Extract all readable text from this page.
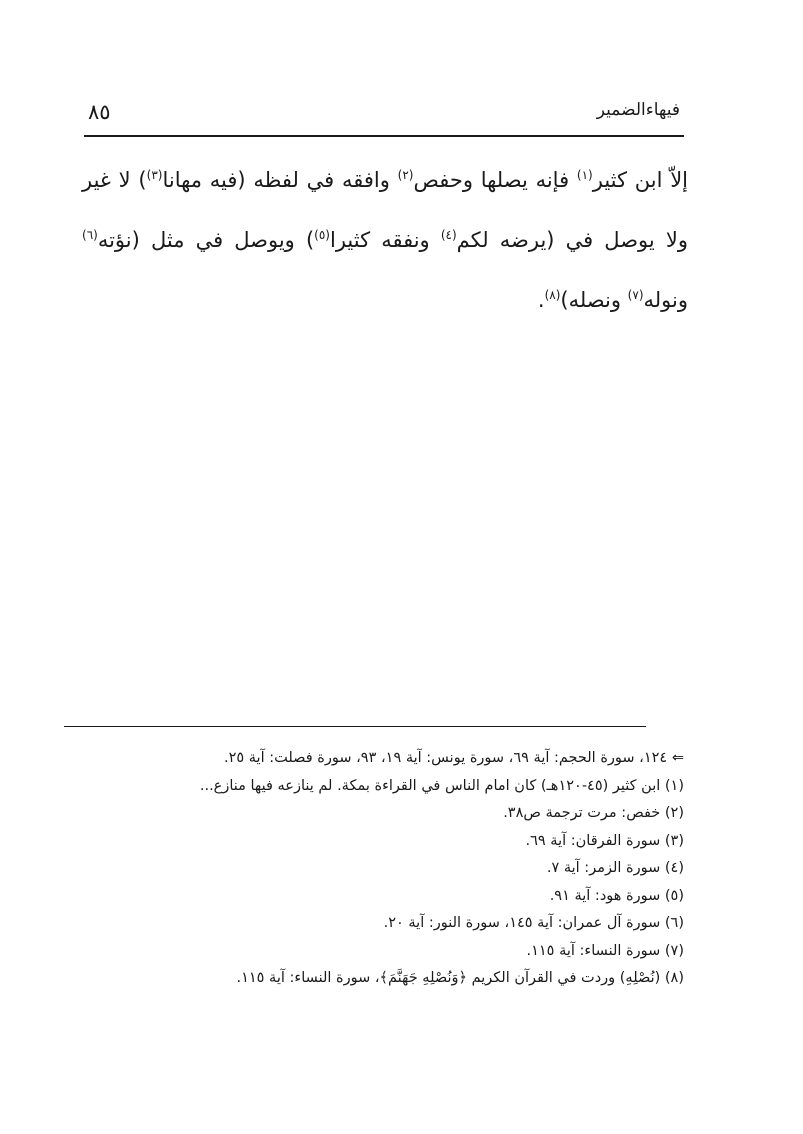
٨٥	فيهاءالضمير

إلاّ ابن كثير$^{(١)}$ فإنه يصلها وحفص$^{(٢)}$ وافقه في لفظه (فيه مهانا$^{(٣)}$) لا غير ولا يوصل في (يرضه لكم$^{(٤)}$ ونفقه كثيرا$^{(٥)}$) ويوصل في مثل (نؤته$^{(٦)}$ ونوله$^{(٧)}$ ونصله)$^{(٨)}$.

⇐ ١٢٤، سورة الحجم: آية ٦٩، سورة يونس: آية ١٩، ٩٣، سورة فصلت: آية ٢٥.
(١) ابن كثير (٤٥-١٢٠هـ) كان امام الناس في القراءة بمكة. لم ينازعه فيها منازع...
(٢) خفص: مرت ترجمة ص٣٨.
(٣) سورة الفرقان: آية ٦٩.
(٤) سورة الزمر: آية ٧.
(٥) سورة هود: آية ٩١.
(٦) سورة آل عمران: آية ١٤٥، سورة النور: آية ٢٠.
(٧) سورة النساء: آية ١١٥.
(٨) (نُصْلِهِ) وردت في القرآن الكريم ﴿وَنُصْلِهِ جَهَنَّمَ﴾، سورة النساء: آية ١١٥.
